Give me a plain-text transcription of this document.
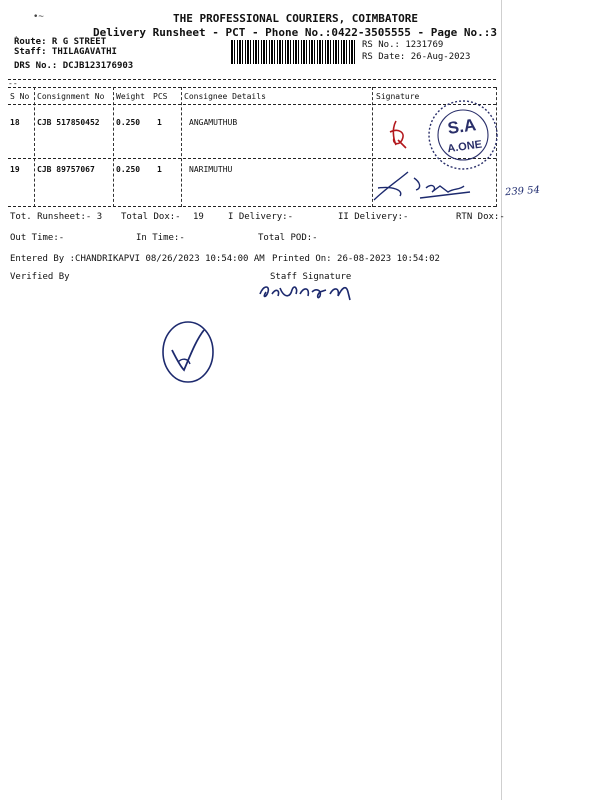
•~
ˎ
THE PROFESSIONAL COURIERS, COIMBATORE
Delivery Runsheet - PCT - Phone No.:0422-3505555 - Page No.:3
Route: R G STREET
Staff: THILAGAVATHI
DRS No.: DCJB123176903
RS No.: 1231769
RS Date: 26-Aug-2023
--
S No Consignment No Weight PCS Consignee Details	Signature
18 CJB 517850452 0.250 1	ANGAMUTHUB
19 CJB 89757067	0.250 1	NARIMUTHU
S.A
A.ONE
239 54
Tot. Runsheet:- 3 Total Dox:- 19	I Delivery:-	II Delivery:-	RTN Dox:-
Out Time:-	In Time:-	Total POD:-
Entered By :CHANDRIKAPVI 08/26/2023 10:54:00 AM Printed On: 26-08-2023 10:54:02
Verified By	Staff Signature
